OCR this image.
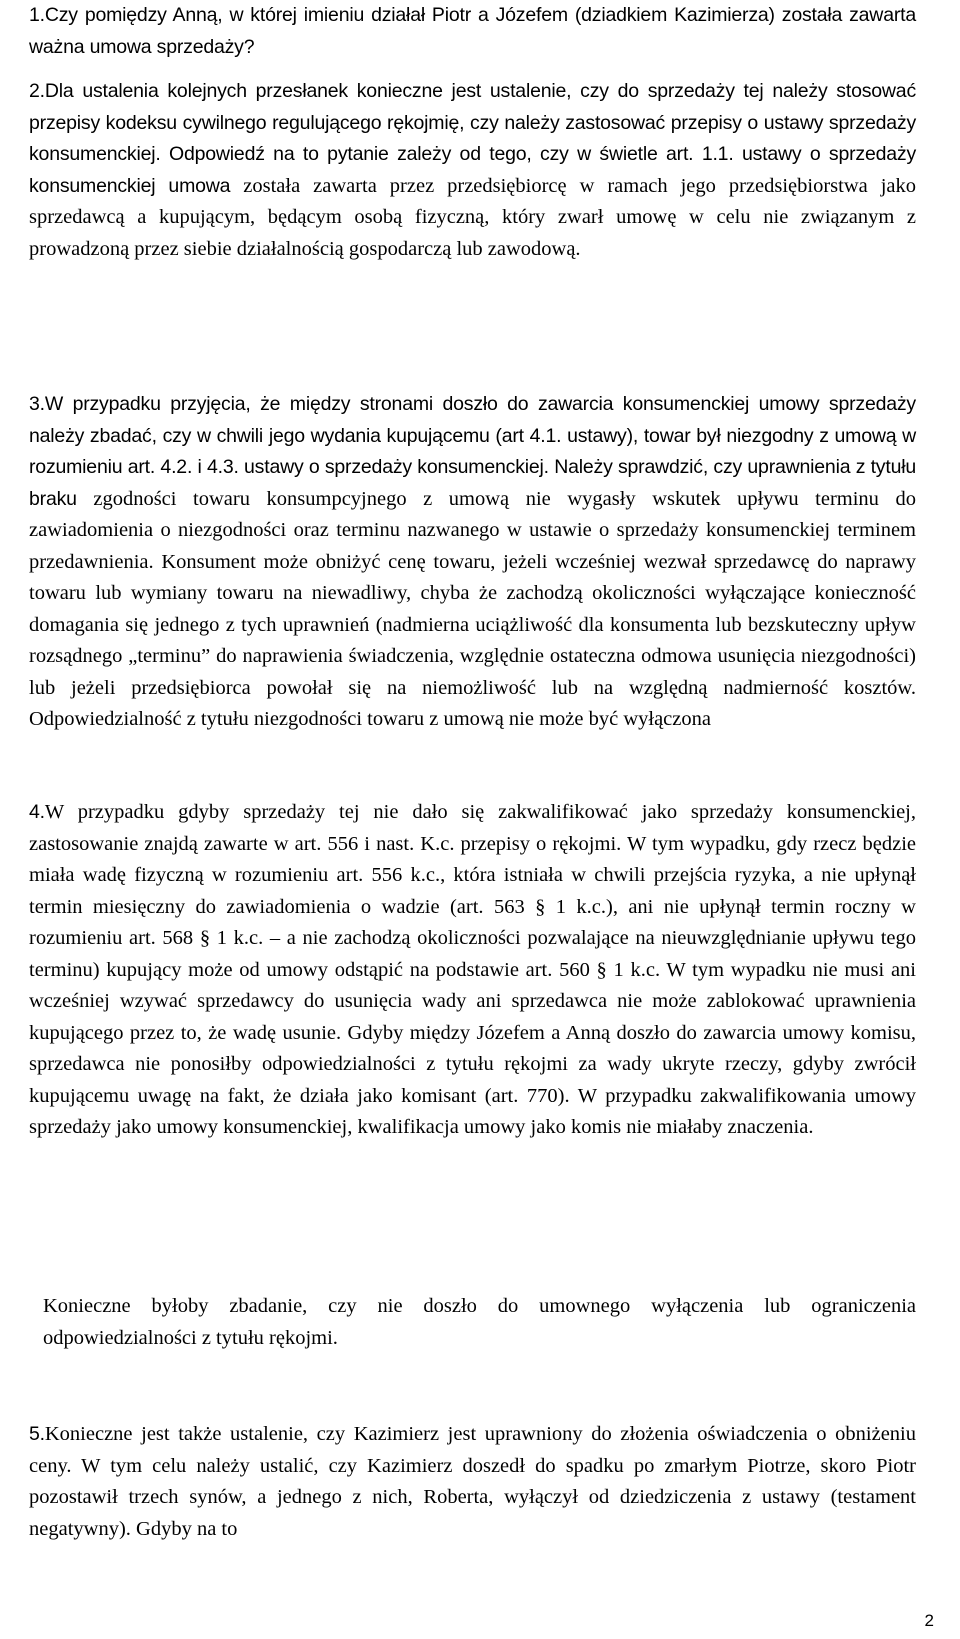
1.Czy pomiędzy Anną, w której imieniu działał Piotr a Józefem (dziadkiem Kazimierza) została zawarta ważna umowa sprzedaży?

2.Dla ustalenia kolejnych przesłanek konieczne jest ustalenie, czy do sprzedaży tej należy stosować przepisy kodeksu cywilnego regulującego rękojmię, czy należy zastosować przepisy o ustawy sprzedaży konsumenckiej. Odpowiedź na to pytanie zależy od tego, czy w świetle art. 1.1. ustawy o sprzedaży konsumenckiej umowa została zawarta przez przedsiębiorcę w ramach jego przedsiębiorstwa jako sprzedawcą a kupującym, będącym osobą fizyczną, który zwarł umowę w celu nie związanym z prowadzoną przez siebie działalnością gospodarczą lub zawodową.

3.W przypadku przyjęcia, że między stronami doszło do zawarcia konsumenckiej umowy sprzedaży należy zbadać, czy w chwili jego wydania kupującemu (art 4.1. ustawy), towar był niezgodny z umową w rozumieniu art. 4.2. i 4.3. ustawy o sprzedaży konsumenckiej. Należy sprawdzić, czy uprawnienia z tytułu braku zgodności towaru konsumpcyjnego z umową nie wygasły wskutek upływu terminu do zawiadomienia o niezgodności oraz terminu nazwanego w ustawie o sprzedaży konsumenckiej terminem przedawnienia. Konsument może obniżyć cenę towaru, jeżeli wcześniej wezwał sprzedawcę do naprawy towaru lub wymiany towaru na niewadliwy, chyba że zachodzą okoliczności wyłączające konieczność domagania się jednego z tych uprawnień (nadmierna uciążliwość dla konsumenta lub bezskuteczny upływ rozsądnego „terminu” do naprawienia świadczenia, względnie ostateczna odmowa usunięcia niezgodności) lub jeżeli przedsiębiorca powołał się na niemożliwość lub na względną nadmierność kosztów. Odpowiedzialność z tytułu niezgodności towaru z umową nie może być wyłączona

4.W przypadku gdyby sprzedaży tej nie dało się zakwalifikować jako sprzedaży konsumenckiej, zastosowanie znajdą zawarte w art. 556 i nast. K.c. przepisy o rękojmi. W tym wypadku, gdy rzecz będzie miała wadę fizyczną w rozumieniu art. 556 k.c., która istniała w chwili przejścia ryzyka, a nie upłynął termin miesięczny do zawiadomienia o wadzie (art. 563 § 1 k.c.), ani nie upłynął termin roczny w rozumieniu art. 568 § 1 k.c. – a nie zachodzą okoliczności pozwalające na nieuwzględnianie upływu tego terminu) kupujący może od umowy odstąpić na podstawie art. 560 § 1 k.c. W tym wypadku nie musi ani wcześniej wzywać sprzedawcy do usunięcia wady ani sprzedawca nie może zablokować uprawnienia kupującego przez to, że wadę usunie. Gdyby między Józefem a Anną doszło do zawarcia umowy komisu, sprzedawca nie ponosiłby odpowiedzialności z tytułu rękojmi za wady ukryte rzeczy, gdyby zwrócił kupującemu uwagę na fakt, że działa jako komisant (art. 770). W przypadku zakwalifikowania umowy sprzedaży jako umowy konsumenckiej, kwalifikacja umowy jako komis nie miałaby znaczenia.

Konieczne byłoby zbadanie, czy nie doszło do umownego wyłączenia lub ograniczenia odpowiedzialności z tytułu rękojmi.

5.Konieczne jest także ustalenie, czy Kazimierz jest uprawniony do złożenia oświadczenia o obniżeniu ceny. W tym celu należy ustalić, czy Kazimierz doszedł do spadku po zmarłym Piotrze, skoro Piotr pozostawił trzech synów, a jednego z nich, Roberta, wyłączył od dziedziczenia z ustawy (testament negatywny). Gdyby na to

2
